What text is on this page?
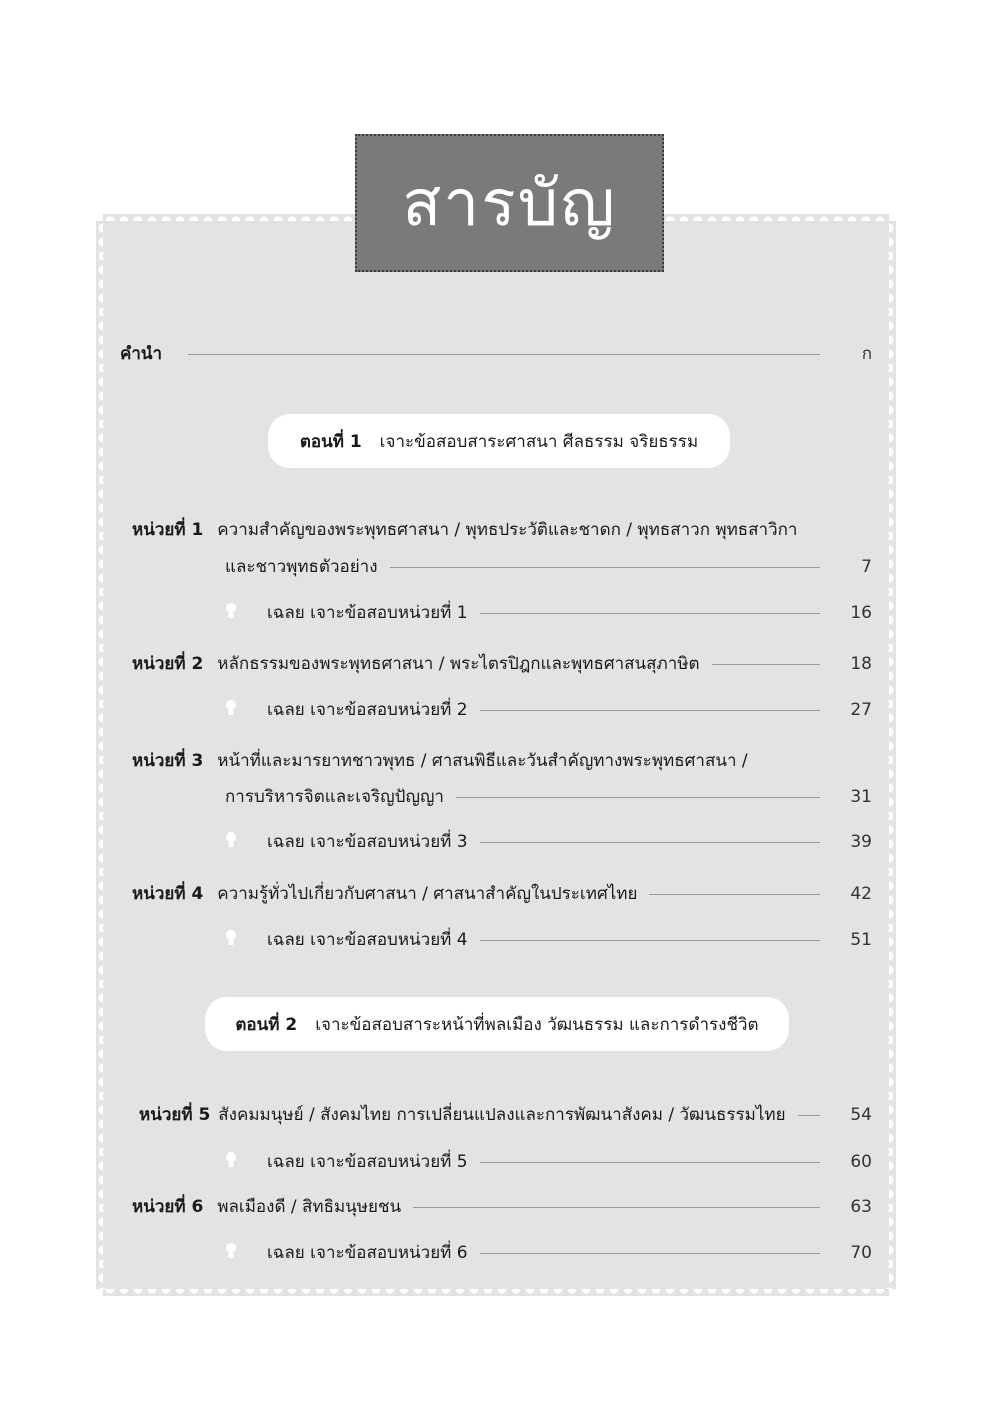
สารบัญ
คำนำ	ก
ตอนที่ 1 เจาะข้อสอบสาระศาสนา ศีลธรรม จริยธรรม
หน่วยที่ 1 ความสำคัญของพระพุทธศาสนา / พุทธประวัติและชาดก / พุทธสาวก พุทธสาวิกา
และชาวพุทธตัวอย่าง	7
เฉลย เจาะข้อสอบหน่วยที่ 1	16
หน่วยที่ 2 หลักธรรมของพระพุทธศาสนา / พระไตรปิฎกและพุทธศาสนสุภาษิต	18
เฉลย เจาะข้อสอบหน่วยที่ 2	27
หน่วยที่ 3 หน้าที่และมารยาทชาวพุทธ / ศาสนพิธีและวันสำคัญทางพระพุทธศาสนา /
การบริหารจิตและเจริญปัญญา	31
เฉลย เจาะข้อสอบหน่วยที่ 3	39
หน่วยที่ 4 ความรู้ทั่วไปเกี่ยวกับศาสนา / ศาสนาสำคัญในประเทศไทย	42
เฉลย เจาะข้อสอบหน่วยที่ 4	51
ตอนที่ 2 เจาะข้อสอบสาระหน้าที่พลเมือง วัฒนธรรม และการดำรงชีวิต
หน่วยที่ 5 สังคมมนุษย์ / สังคมไทย การเปลี่ยนแปลงและการพัฒนาสังคม / วัฒนธรรมไทย	54
เฉลย เจาะข้อสอบหน่วยที่ 5	60
หน่วยที่ 6 พลเมืองดี / สิทธิมนุษยชน	63
เฉลย เจาะข้อสอบหน่วยที่ 6	70
